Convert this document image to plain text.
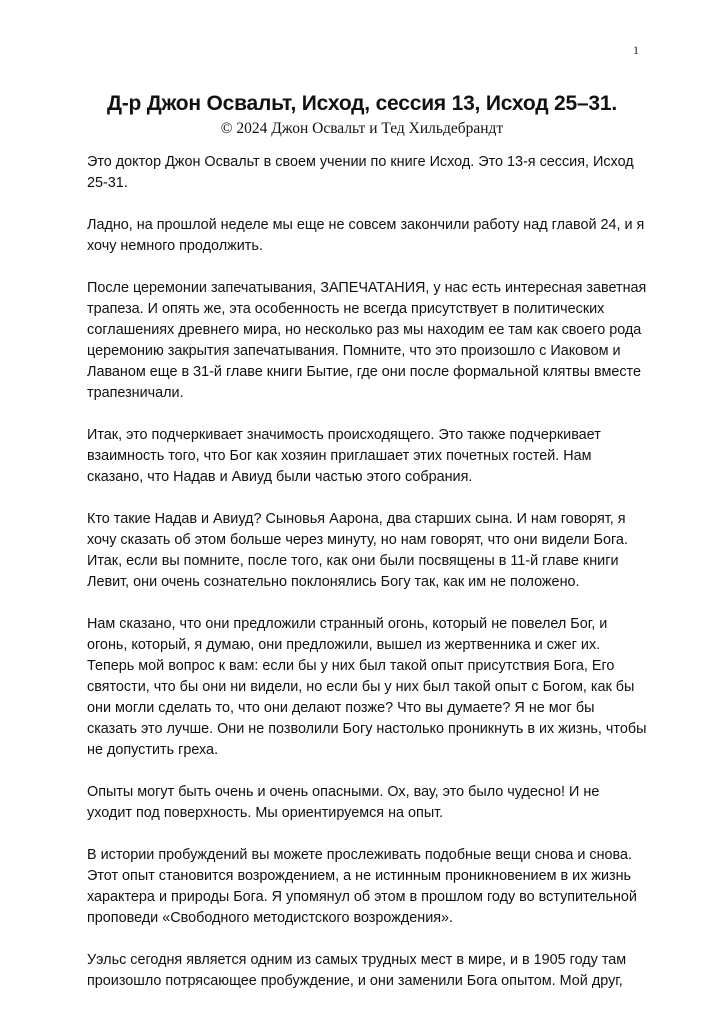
1
Д-р Джон Освальт, Исход, сессия 13, Исход 25–31.
© 2024 Джон Освальт и Тед Хильдебрандт

Это доктор Джон Освальт в своем учении по книге Исход. Это 13-я сессия, Исход 25-31.

Ладно, на прошлой неделе мы еще не совсем закончили работу над главой 24, и я хочу немного продолжить.

После церемонии запечатывания, ЗАПЕЧАТАНИЯ, у нас есть интересная заветная трапеза. И опять же, эта особенность не всегда присутствует в политических соглашениях древнего мира, но несколько раз мы находим ее там как своего рода церемонию закрытия запечатывания. Помните, что это произошло с Иаковом и Лаваном еще в 31-й главе книги Бытие, где они после формальной клятвы вместе трапезничали.

Итак, это подчеркивает значимость происходящего. Это также подчеркивает взаимность того, что Бог как хозяин приглашает этих почетных гостей. Нам сказано, что Надав и Авиуд были частью этого собрания.

Кто такие Надав и Авиуд? Сыновья Аарона, два старших сына. И нам говорят, я хочу сказать об этом больше через минуту, но нам говорят, что они видели Бога. Итак, если вы помните, после того, как они были посвящены в 11-й главе книги Левит, они очень сознательно поклонялись Богу так, как им не положено.

Нам сказано, что они предложили странный огонь, который не повелел Бог, и огонь, который, я думаю, они предложили, вышел из жертвенника и сжег их. Теперь мой вопрос к вам: если бы у них был такой опыт присутствия Бога, Его святости, что бы они ни видели, но если бы у них был такой опыт с Богом, как бы они могли сделать то, что они делают позже? Что вы думаете? Я не мог бы сказать это лучше. Они не позволили Богу настолько проникнуть в их жизнь, чтобы не допустить греха.

Опыты могут быть очень и очень опасными. Ох, вау, это было чудесно! И не уходит под поверхность. Мы ориентируемся на опыт.

В истории пробуждений вы можете прослеживать подобные вещи снова и снова. Этот опыт становится возрождением, а не истинным проникновением в их жизнь характера и природы Бога. Я упомянул об этом в прошлом году во вступительной проповеди «Свободного методистского возрождения».

Уэльс сегодня является одним из самых трудных мест в мире, и в 1905 году там произошло потрясающее пробуждение, и они заменили Бога опытом. Мой друг,
